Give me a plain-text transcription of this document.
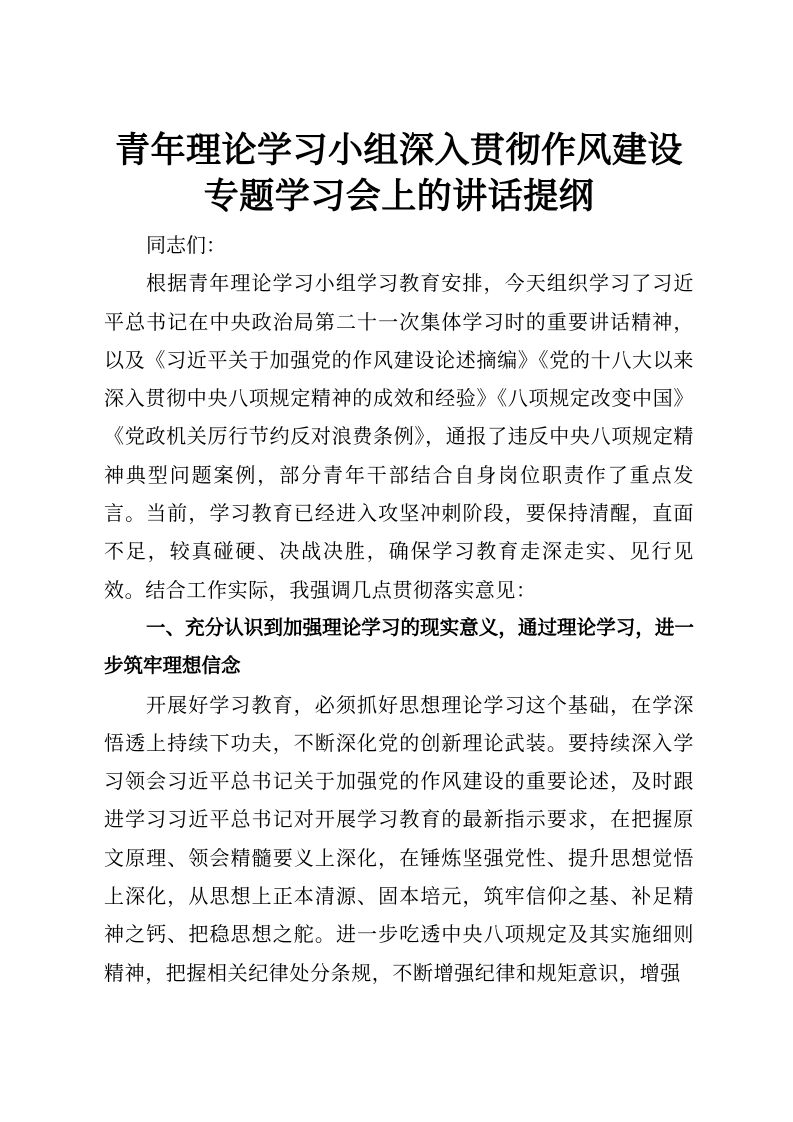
青年理论学习小组深入贯彻作风建设
专题学习会上的讲话提纲

同志们：

根据青年理论学习小组学习教育安排，今天组织学习了习近平总书记在中央政治局第二十一次集体学习时的重要讲话精神，以及《习近平关于加强党的作风建设论述摘编》《党的十八大以来深入贯彻中央八项规定精神的成效和经验》《八项规定改变中国》《党政机关厉行节约反对浪费条例》，通报了违反中央八项规定精神典型问题案例，部分青年干部结合自身岗位职责作了重点发言。当前，学习教育已经进入攻坚冲刺阶段，要保持清醒，直面不足，较真碰硬、决战决胜，确保学习教育走深走实、见行见效。结合工作实际，我强调几点贯彻落实意见：

一、充分认识到加强理论学习的现实意义，通过理论学习，进一步筑牢理想信念

开展好学习教育，必须抓好思想理论学习这个基础，在学深悟透上持续下功夫，不断深化党的创新理论武装。要持续深入学习领会习近平总书记关于加强党的作风建设的重要论述，及时跟进学习习近平总书记对开展学习教育的最新指示要求，在把握原文原理、领会精髓要义上深化，在锤炼坚强党性、提升思想觉悟上深化，从思想上正本清源、固本培元，筑牢信仰之基、补足精神之钙、把稳思想之舵。进一步吃透中央八项规定及其实施细则精神，把握相关纪律处分条规，不断增强纪律和规矩意识，增强
